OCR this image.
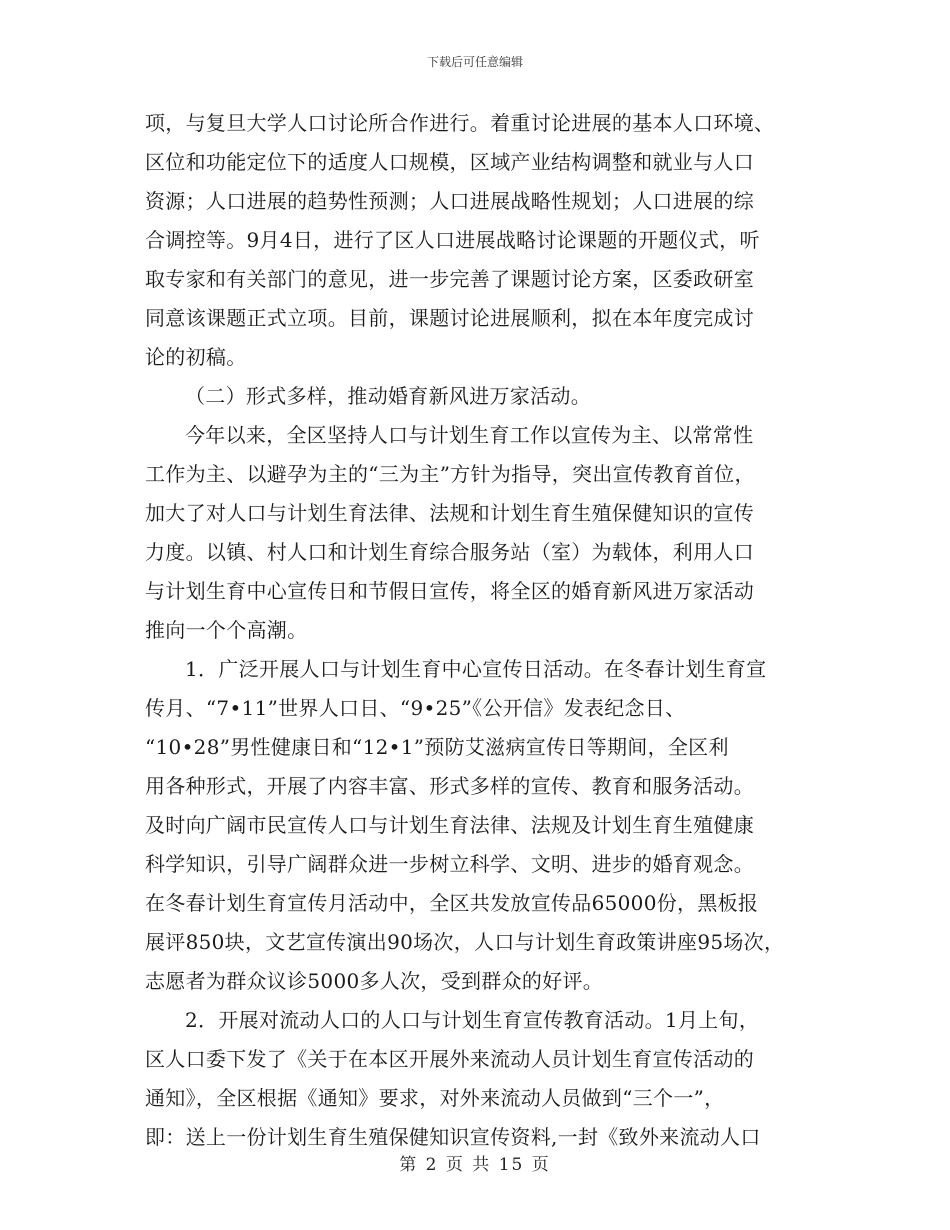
下载后可任意编辑
项，与复旦大学人口讨论所合作进行。着重讨论进展的基本人口环境、
区位和功能定位下的适度人口规模，区域产业结构调整和就业与人口
资源；人口进展的趋势性预测；人口进展战略性规划；人口进展的综
合调控等。9月4日，进行了区人口进展战略讨论课题的开题仪式，听
取专家和有关部门的意见，进一步完善了课题讨论方案，区委政研室
同意该课题正式立项。目前，课题讨论进展顺利，拟在本年度完成讨
论的初稿。
（二）形式多样，推动婚育新风进万家活动。
今年以来，全区坚持人口与计划生育工作以宣传为主、以常常性
工作为主、以避孕为主的“三为主”方针为指导，突出宣传教育首位，
加大了对人口与计划生育法律、法规和计划生育生殖保健知识的宣传
力度。以镇、村人口和计划生育综合服务站（室）为载体，利用人口
与计划生育中心宣传日和节假日宣传，将全区的婚育新风进万家活动
推向一个个高潮。
1．广泛开展人口与计划生育中心宣传日活动。在冬春计划生育宣
传月、“7•11”世界人口日、“9•25”《公开信》发表纪念日、
“10•28”男性健康日和“12•1”预防艾滋病宣传日等期间，全区利
用各种形式，开展了内容丰富、形式多样的宣传、教育和服务活动。
及时向广阔市民宣传人口与计划生育法律、法规及计划生育生殖健康
科学知识，引导广阔群众进一步树立科学、文明、进步的婚育观念。
在冬春计划生育宣传月活动中，全区共发放宣传品65000份，黑板报
展评850块，文艺宣传演出90场次，人口与计划生育政策讲座95场次，
志愿者为群众议诊5000多人次，受到群众的好评。
2．开展对流动人口的人口与计划生育宣传教育活动。1月上旬，
区人口委下发了《关于在本区开展外来流动人员计划生育宣传活动的
通知》，全区根据《通知》要求，对外来流动人员做到“三个一”，
即：送上一份计划生育生殖保健知识宣传资料,一封《致外来流动人口
第 2 页 共 15 页
